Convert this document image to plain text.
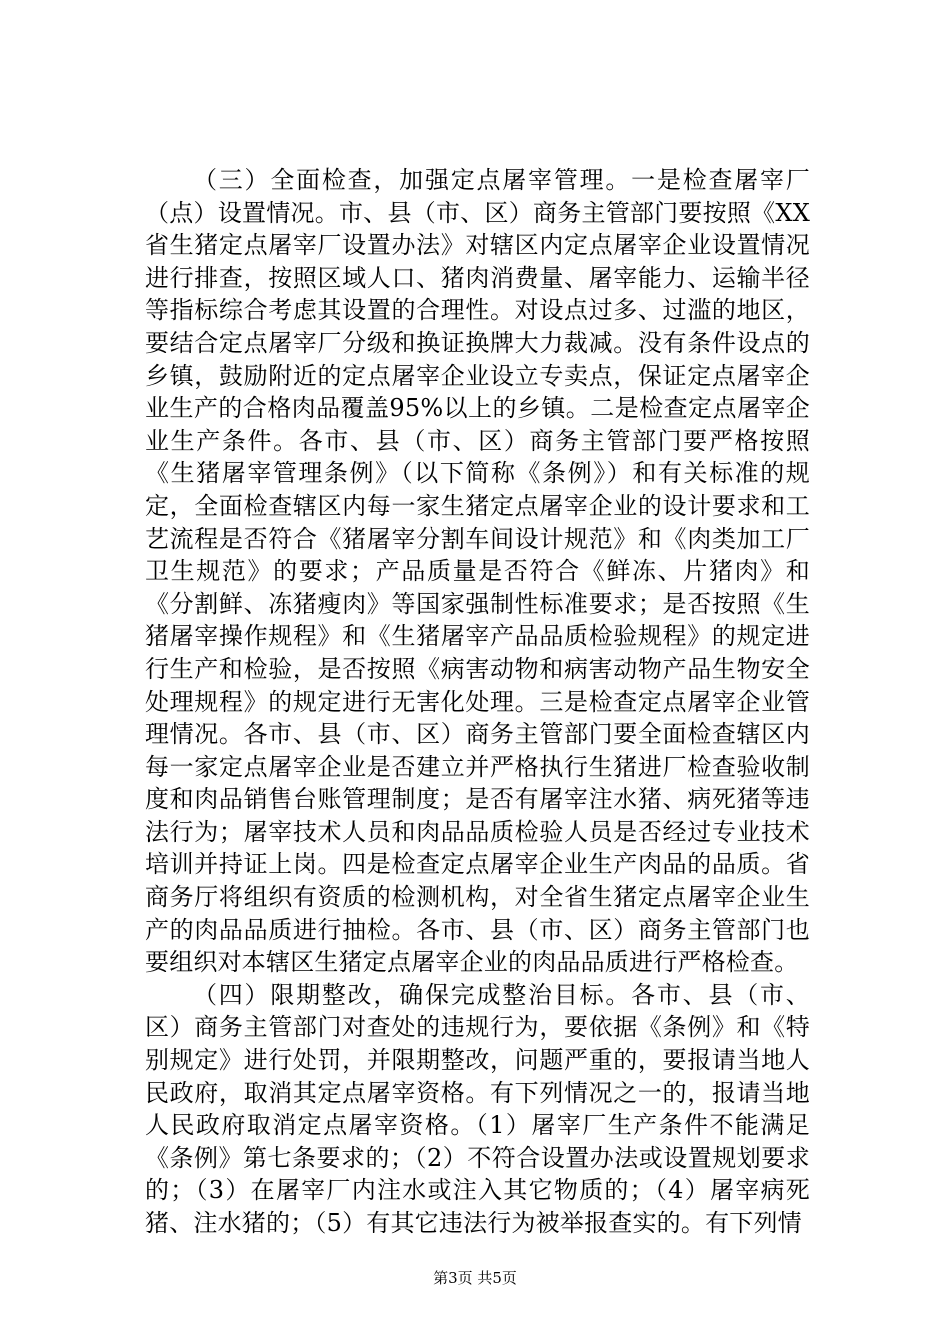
（三）全面检查，加强定点屠宰管理。一是检查屠宰厂（点）设置情况。市、县（市、区）商务主管部门要按照《XX省生猪定点屠宰厂设置办法》对辖区内定点屠宰企业设置情况进行排查，按照区域人口、猪肉消费量、屠宰能力、运输半径等指标综合考虑其设置的合理性。对设点过多、过滥的地区，要结合定点屠宰厂分级和换证换牌大力裁减。没有条件设点的乡镇，鼓励附近的定点屠宰企业设立专卖点，保证定点屠宰企业生产的合格肉品覆盖95%以上的乡镇。二是检查定点屠宰企业生产条件。各市、县（市、区）商务主管部门要严格按照《生猪屠宰管理条例》（以下简称《条例》）和有关标准的规定，全面检查辖区内每一家生猪定点屠宰企业的设计要求和工艺流程是否符合《猪屠宰分割车间设计规范》和《肉类加工厂卫生规范》的要求；产品质量是否符合《鲜冻、片猪肉》和《分割鲜、冻猪瘦肉》等国家强制性标准要求；是否按照《生猪屠宰操作规程》和《生猪屠宰产品品质检验规程》的规定进行生产和检验，是否按照《病害动物和病害动物产品生物安全处理规程》的规定进行无害化处理。三是检查定点屠宰企业管理情况。各市、县（市、区）商务主管部门要全面检查辖区内每一家定点屠宰企业是否建立并严格执行生猪进厂检查验收制度和肉品销售台账管理制度；是否有屠宰注水猪、病死猪等违法行为；屠宰技术人员和肉品品质检验人员是否经过专业技术培训并持证上岗。四是检查定点屠宰企业生产肉品的品质。省商务厅将组织有资质的检测机构，对全省生猪定点屠宰企业生产的肉品品质进行抽检。各市、县（市、区）商务主管部门也要组织对本辖区生猪定点屠宰企业的肉品品质进行严格检查。

（四）限期整改，确保完成整治目标。各市、县（市、区）商务主管部门对查处的违规行为，要依据《条例》和《特别规定》进行处罚，并限期整改，问题严重的，要报请当地人民政府，取消其定点屠宰资格。有下列情况之一的，报请当地人民政府取消定点屠宰资格。（1）屠宰厂生产条件不能满足《条例》第七条要求的；（2）不符合设置办法或设置规划要求的；（3）在屠宰厂内注水或注入其它物质的；（4）屠宰病死猪、注水猪的；（5）有其它违法行为被举报查实的。有下列情

第3页 共5页
